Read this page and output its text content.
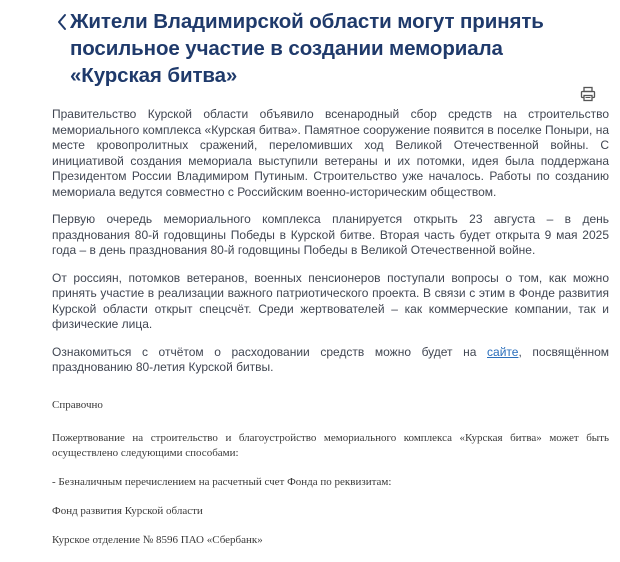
Жители Владимирской области могут принять посильное участие в создании мемориала «Курская битва»

Правительство Курской области объявило всенародный сбор средств на строительство мемориального комплекса «Курская битва». Памятное сооружение появится в поселке Поныри, на месте кровопролитных сражений, переломивших ход Великой Отечественной войны. С инициативой создания мемориала выступили ветераны и их потомки, идея была поддержана Президентом России Владимиром Путиным. Строительство уже началось. Работы по созданию мемориала ведутся совместно с Российским военно-историческим обществом.

Первую очередь мемориального комплекса планируется открыть 23 августа – в день празднования 80-й годовщины Победы в Курской битве. Вторая часть будет открыта 9 мая 2025 года – в день празднования 80-й годовщины Победы в Великой Отечественной войне.

От россиян, потомков ветеранов, военных пенсионеров поступали вопросы о том, как можно принять участие в реализации важного патриотического проекта. В связи с этим в Фонде развития Курской области открыт спецсчёт. Среди жертвователей – как коммерческие компании, так и физические лица.

Ознакомиться с отчётом о расходовании средств можно будет на сайте, посвящённом празднованию 80-летия Курской битвы.

Справочно

Пожертвование на строительство и благоустройство мемориального комплекса «Курская битва» может быть осуществлено следующими способами:

- Безналичным перечислением на расчетный счет Фонда по реквизитам:

Фонд развития Курской области

Курское отделение № 8596 ПАО «Сбербанк»
